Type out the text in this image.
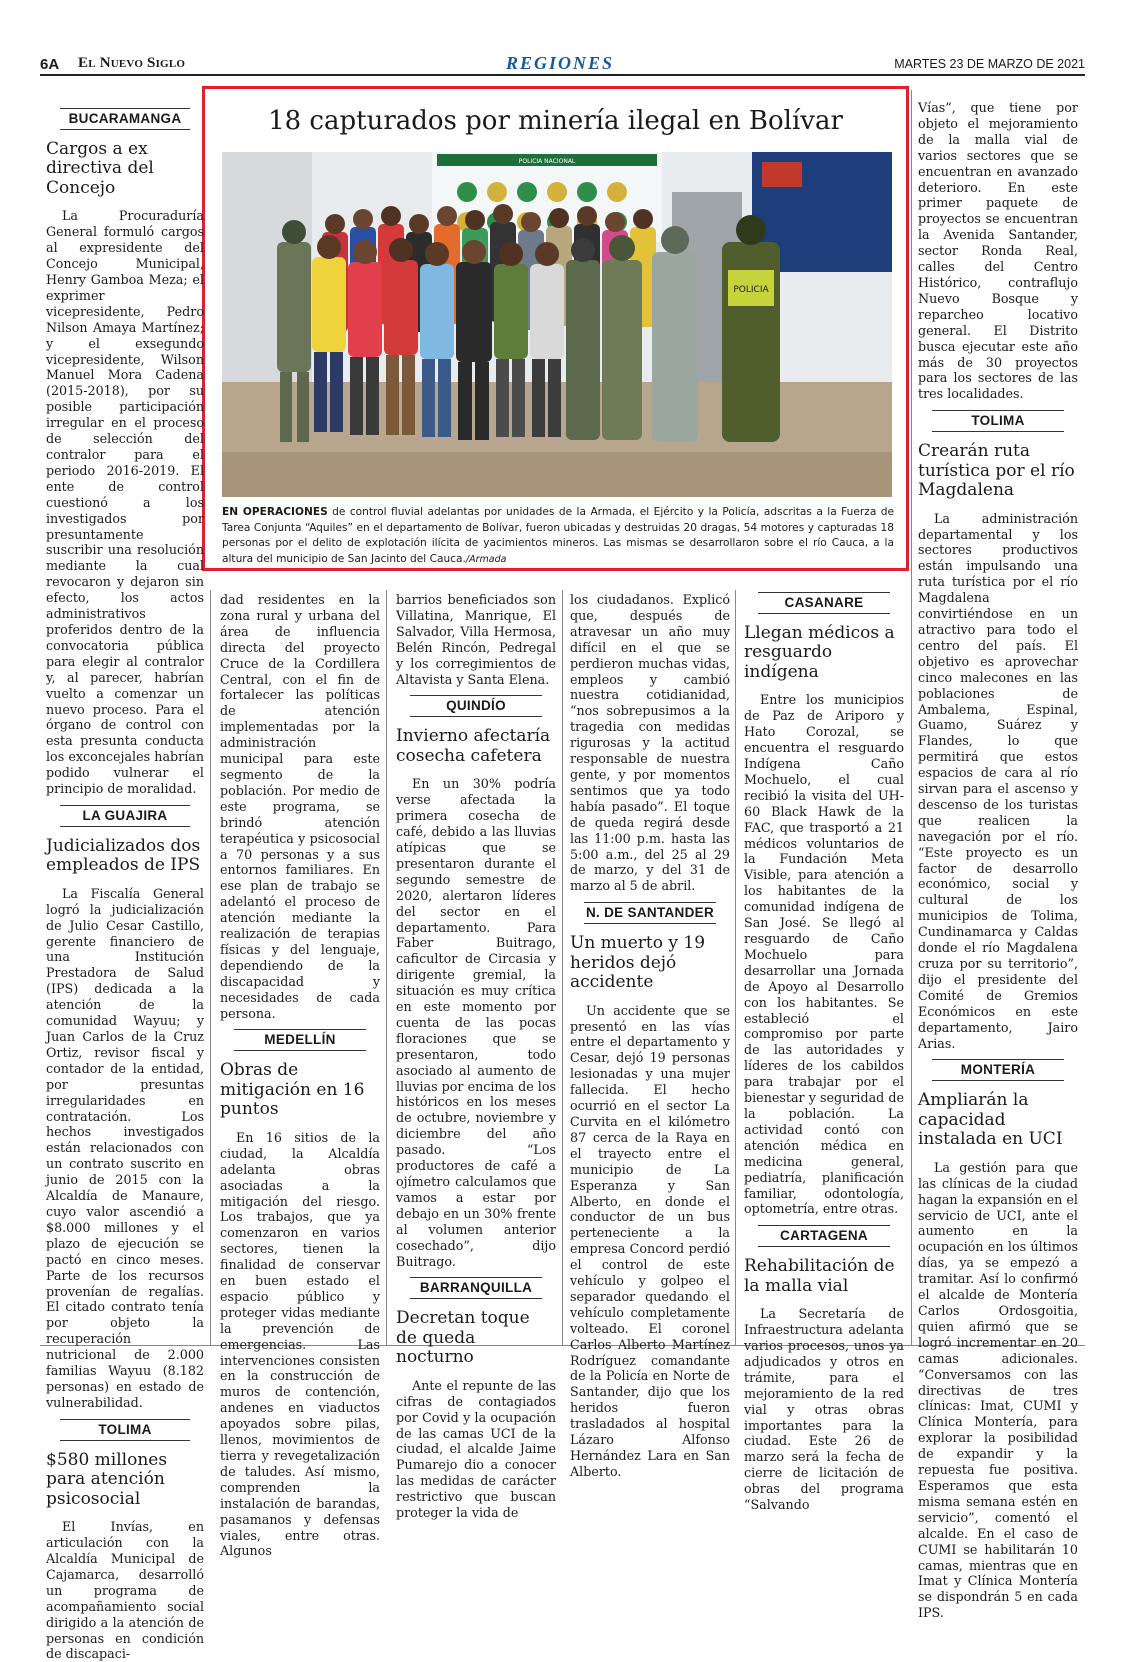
6A El Nuevo Siglo	REGIONES	MARTES 23 DE MARZO DE 2021
18 capturados por minería ilegal en Bolívar
POLICIA NACIONAL
POLICIA
EN OPERACIONES de control fluvial adelantas por unidades de la Armada, el Ejército y la Policía, adscritas a la Fuerza de Tarea Conjunta “Aquiles” en el departamento de Bolívar, fueron ubicadas y destruidas 20 dragas, 54 motores y capturadas 18 personas por el delito de explotación ilícita de yacimientos mineros. Las mismas se desarrollaron sobre el río Cauca, a la altura del municipio de San Jacinto del Cauca./Armada
BUCARAMANGA
Cargos a ex directiva del Concejo

La Procuraduría General formuló cargos al expresidente del Concejo Municipal, Henry Gamboa Meza; el exprimer vicepresidente, Pedro Nilson Amaya Martínez; y el exsegundo vicepresidente, Wilson Manuel Mora Cadena (2015-2018), por su posible participación irregular en el proceso de selección del contralor para el periodo 2016-2019. El ente de control cuestionó a los investigados por presuntamente suscribir una resolución mediante la cual revocaron y dejaron sin efecto, los actos administrativos proferidos dentro de la convocatoria pública para elegir al contralor y, al parecer, habrían vuelto a comenzar un nuevo proceso. Para el órgano de control con esta presunta conducta los exconcejales habrían podido vulnerar el principio de moralidad.

LA GUAJIRA
Judicializados dos empleados de IPS

La Fiscalía General logró la judicialización de Julio Cesar Castillo, gerente financiero de una Institución Prestadora de Salud (IPS) dedicada a la atención de la comunidad Wayuu; y Juan Carlos de la Cruz Ortiz, revisor fiscal y contador de la entidad, por presuntas irregularidades en contratación. Los hechos investigados están relacionados con un contrato suscrito en junio de 2015 con la Alcaldía de Manaure, cuyo valor ascendió a $8.000 millones y el plazo de ejecución se pactó en cinco meses. Parte de los recursos provenían de regalías. El citado contrato tenía por objeto la recuperación nutricional de 2.000 familias Wayuu (8.182 personas) en estado de vulnerabilidad.

TOLIMA
$580 millones para atención psicosocial

El Invías, en articulación con la Alcaldía Municipal de Cajamarca, desarrolló un programa de acompañamiento social dirigido a la atención de personas en condición de discapaci-

dad residentes en la zona rural y urbana del área de influencia directa del proyecto Cruce de la Cordillera Central, con el fin de fortalecer las políticas de atención implementadas por la administración municipal para este segmento de la población. Por medio de este programa, se brindó atención terapéutica y psicosocial a 70 personas y a sus entornos familiares. En ese plan de trabajo se adelantó el proceso de atención mediante la realización de terapias físicas y del lenguaje, dependiendo de la discapacidad y necesidades de cada persona.

MEDELLÍN
Obras de mitigación en 16 puntos

En 16 sitios de la ciudad, la Alcaldía adelanta obras asociadas a la mitigación del riesgo. Los trabajos, que ya comenzaron en varios sectores, tienen la finalidad de conservar en buen estado el espacio público y proteger vidas mediante la prevención de emergencias. Las intervenciones consisten en la construcción de muros de contención, andenes en viaductos apoyados sobre pilas, llenos, movimientos de tierra y revegetalización de taludes. Así mismo, comprenden la instalación de barandas, pasamanos y defensas viales, entre otras. Algunos

barrios beneficiados son Villatina, Manrique, El Salvador, Villa Hermosa, Belén Rincón, Pedregal y los corregimientos de Altavista y Santa Elena.

QUINDÍO
Invierno afectaría cosecha cafetera

En un 30% podría verse afectada la primera cosecha de café, debido a las lluvias atípicas que se presentaron durante el segundo semestre de 2020, alertaron líderes del sector en el departamento. Para Faber Buitrago, caficultor de Circasia y dirigente gremial, la situación es muy crítica en este momento por cuenta de las pocas floraciones que se presentaron, todo asociado al aumento de lluvias por encima de los históricos en los meses de octubre, noviembre y diciembre del año pasado. “Los productores de café a ojímetro calculamos que vamos a estar por debajo en un 30% frente al volumen anterior cosechado”, dijo Buitrago.

BARRANQUILLA
Decretan toque de queda nocturno

Ante el repunte de las cifras de contagiados por Covid y la ocupación de las camas UCI de la ciudad, el alcalde Jaime Pumarejo dio a conocer las medidas de carácter restrictivo que buscan proteger la vida de

los ciudadanos. Explicó que, después de atravesar un año muy difícil en el que se perdieron muchas vidas, empleos y cambió nuestra cotidianidad, “nos sobrepusimos a la tragedia con medidas rigurosas y la actitud responsable de nuestra gente, y por momentos sentimos que ya todo había pasado”. El toque de queda regirá desde las 11:00 p.m. hasta las 5:00 a.m., del 25 al 29 de marzo, y del 31 de marzo al 5 de abril.

N. DE SANTANDER
Un muerto y 19 heridos dejó accidente

Un accidente que se presentó en las vías entre el departamento y Cesar, dejó 19 personas lesionadas y una mujer fallecida. El hecho ocurrió en el sector La Curvita en el kilómetro 87 cerca de la Raya en el trayecto entre el municipio de La Esperanza y San Alberto, en donde el conductor de un bus perteneciente a la empresa Concord perdió el control de este vehículo y golpeo el separador quedando el vehículo completamente volteado. El coronel Carlos Alberto Martínez Rodríguez comandante de la Policía en Norte de Santander, dijo que los heridos fueron trasladados al hospital Lázaro Alfonso Hernández Lara en San Alberto.

CASANARE
Llegan médicos a resguardo indígena

Entre los municipios de Paz de Ariporo y Hato Corozal, se encuentra el resguardo Indígena Caño Mochuelo, el cual recibió la visita del UH-60 Black Hawk de la FAC, que trasportó a 21 médicos voluntarios de la Fundación Meta Visible, para atención a los habitantes de la comunidad indígena de San José. Se llegó al resguardo de Caño Mochuelo para desarrollar una Jornada de Apoyo al Desarrollo con los habitantes. Se estableció el compromiso por parte de las autoridades y líderes de los cabildos para trabajar por el bienestar y seguridad de la población. La actividad contó con atención médica en medicina general, pediatría, planificación familiar, odontología, optometría, entre otras.

CARTAGENA
Rehabilitación de la malla vial

La Secretaría de Infraestructura adelanta varios procesos, unos ya adjudicados y otros en trámite, para el mejoramiento de la red vial y otras obras importantes para la ciudad. Este 26 de marzo será la fecha de cierre de licitación de obras del programa “Salvando

Vías”, que tiene por objeto el mejoramiento de la malla vial de varios sectores que se encuentran en avanzado deterioro. En este primer paquete de proyectos se encuentran la Avenida Santander, sector Ronda Real, calles del Centro Histórico, contraflujo Nuevo Bosque y reparcheo locativo general. El Distrito busca ejecutar este año más de 30 proyectos para los sectores de las tres localidades.

TOLIMA
Crearán ruta turística por el río Magdalena

La administración departamental y los sectores productivos están impulsando una ruta turística por el río Magdalena convirtiéndose en un atractivo para todo el centro del país. El objetivo es aprovechar cinco malecones en las poblaciones de Ambalema, Espinal, Guamo, Suárez y Flandes, lo que permitirá que estos espacios de cara al río sirvan para el ascenso y descenso de los turistas que realicen la navegación por el río. “Este proyecto es un factor de desarrollo económico, social y cultural de los municipios de Tolima, Cundinamarca y Caldas donde el río Magdalena cruza por su territorio”, dijo el presidente del Comité de Gremios Económicos en este departamento, Jairo Arias.

MONTERÍA
Ampliarán la capacidad instalada en UCI

La gestión para que las clínicas de la ciudad hagan la expansión en el servicio de UCI, ante el aumento en la ocupación en los últimos días, ya se empezó a tramitar. Así lo confirmó el alcalde de Montería Carlos Ordosgoitia, quien afirmó que se logró incrementar en 20 camas adicionales. “Conversamos con las directivas de tres clínicas: Imat, CUMI y Clínica Montería, para explorar la posibilidad de expandir y la repuesta fue positiva. Esperamos que esta misma semana estén en servicio”, comentó el alcalde. En el caso de CUMI se habilitarán 10 camas, mientras que en Imat y Clínica Montería se dispondrán 5 en cada IPS.
